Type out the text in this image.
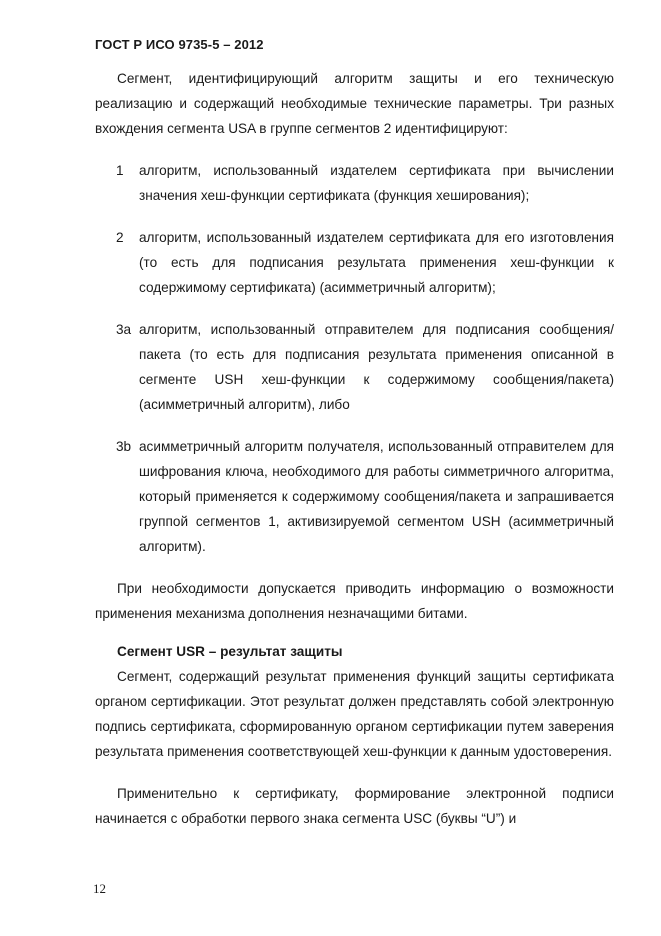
ГОСТ Р ИСО 9735-5 – 2012

Сегмент, идентифицирующий алгоритм защиты и его техническую реализацию и содержащий необходимые технические параметры. Три разных вхождения сегмента USA в группе сегментов 2 идентифицируют:

1 алгоритм, использованный издателем сертификата при вычислении значения хеш-функции сертификата (функция хеширования);
2 алгоритм, использованный издателем сертификата для его изготовления (то есть для подписания результата применения хеш-функции к содержимому сертификата) (асимметричный алгоритм);
3a алгоритм, использованный отправителем для подписания сообщения/пакета (то есть для подписания результата применения описанной в сегменте USH хеш-функции к содержимому сообщения/пакета) (асимметричный алгоритм), либо
3b асимметричный алгоритм получателя, использованный отправителем для шифрования ключа, необходимого для работы симметричного алгоритма, который применяется к содержимому сообщения/пакета и запрашивается группой сегментов 1, активизируемой сегментом USH (асимметричный алгоритм).

При необходимости допускается приводить информацию о возможности применения механизма дополнения незначащими битами.

Сегмент USR – результат защиты

Сегмент, содержащий результат применения функций защиты сертификата органом сертификации. Этот результат должен представлять собой электронную подпись сертификата, сформированную органом сертификации путем заверения результата применения соответствующей хеш-функции к данным удостоверения.

Применительно к сертификату, формирование электронной подписи начинается с обработки первого знака сегмента USC (буквы “U”) и

12
